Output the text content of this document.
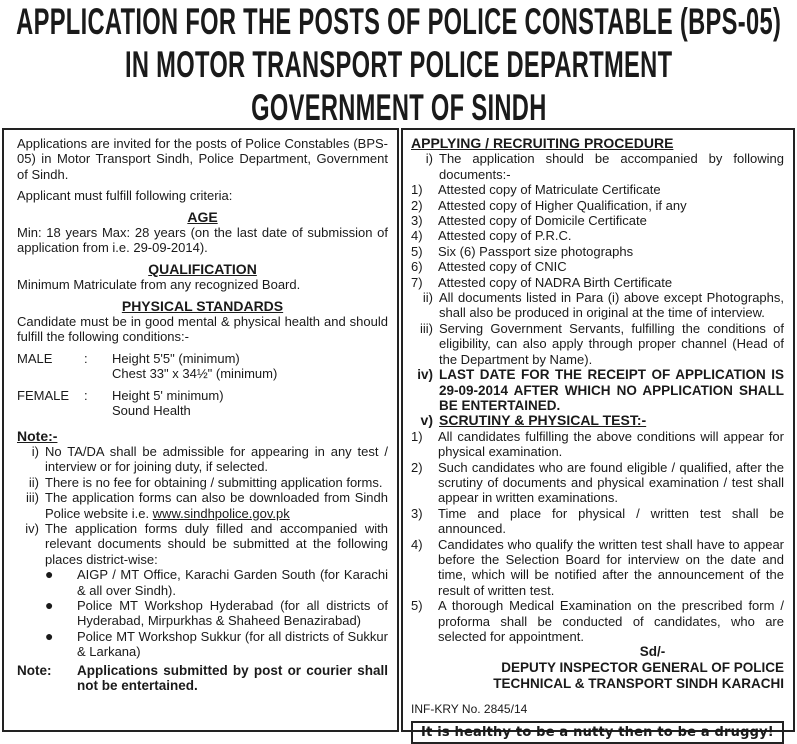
APPLICATION FOR THE POSTS OF POLICE CONSTABLE (BPS-05)
IN MOTOR TRANSPORT POLICE DEPARTMENT
GOVERNMENT OF SINDH

Applications are invited for the posts of Police Constables (BPS-05) in Motor Transport Sindh, Police Department, Government of Sindh.

Applicant must fulfill following criteria:

AGE

Min: 18 years Max: 28 years (on the last date of submission of application from i.e. 29-09-2014).

QUALIFICATION

Minimum Matriculate from any recognized Board.

PHYSICAL STANDARDS

Candidate must be in good mental & physical health and should fulfill the following conditions:-

MALE	:	Height 5'5" (minimum)
Chest 33" x 34½" (minimum)
FEMALE	:	Height 5' minimum)
Sound Health
Note:-
i) No TA/DA shall be admissible for appearing in any test / interview or for joining duty, if selected.
ii) There is no fee for obtaining / submitting application forms.
iii) The application forms can also be downloaded from Sindh Police website i.e. www.sindhpolice.gov.pk
iv) The application forms duly filled and accompanied with relevant documents should be submitted at the following places district-wise:
●	AIGP / MT Office, Karachi Garden South (for Karachi & all over Sindh).
●	Police MT Workshop Hyderabad (for all districts of Hyderabad, Mirpurkhas & Shaheed Benazirabad)
●	Police MT Workshop Sukkur (for all districts of Sukkur & Larkana)
Note:	Applications submitted by post or courier shall not be entertained.
APPLYING / RECRUITING PROCEDURE
i) The application should be accompanied by following documents:-
1)	Attested copy of Matriculate Certificate
2)	Attested copy of Higher Qualification, if any
3)	Attested copy of Domicile Certificate
4)	Attested copy of P.R.C.
5)	Six (6) Passport size photographs
6)	Attested copy of CNIC
7)	Attested copy of NADRA Birth Certificate
ii) All documents listed in Para (i) above except Photographs, shall also be produced in original at the time of interview.
iii) Serving Government Servants, fulfilling the conditions of eligibility, can also apply through proper channel (Head of the Department by Name).
iv) LAST DATE FOR THE RECEIPT OF APPLICATION IS 29-09-2014 AFTER WHICH NO APPLICATION SHALL BE ENTERTAINED.
v) SCRUTINY & PHYSICAL TEST:-
1)	All candidates fulfilling the above conditions will appear for physical examination.
2)	Such candidates who are found eligible / qualified, after the scrutiny of documents and physical examination / test shall appear in written examinations.
3)	Time and place for physical / written test shall be announced.
4)	Candidates who qualify the written test shall have to appear before the Selection Board for interview on the date and time, which will be notified after the announcement of the result of written test.
5)	A thorough Medical Examination on the prescribed form / proforma shall be conducted of candidates, who are selected for appointment.
Sd/-
DEPUTY INSPECTOR GENERAL OF POLICE
TECHNICAL & TRANSPORT SINDH KARACHI
INF-KRY No. 2845/14
It is healthy to be a nutty then to be a druggy!
